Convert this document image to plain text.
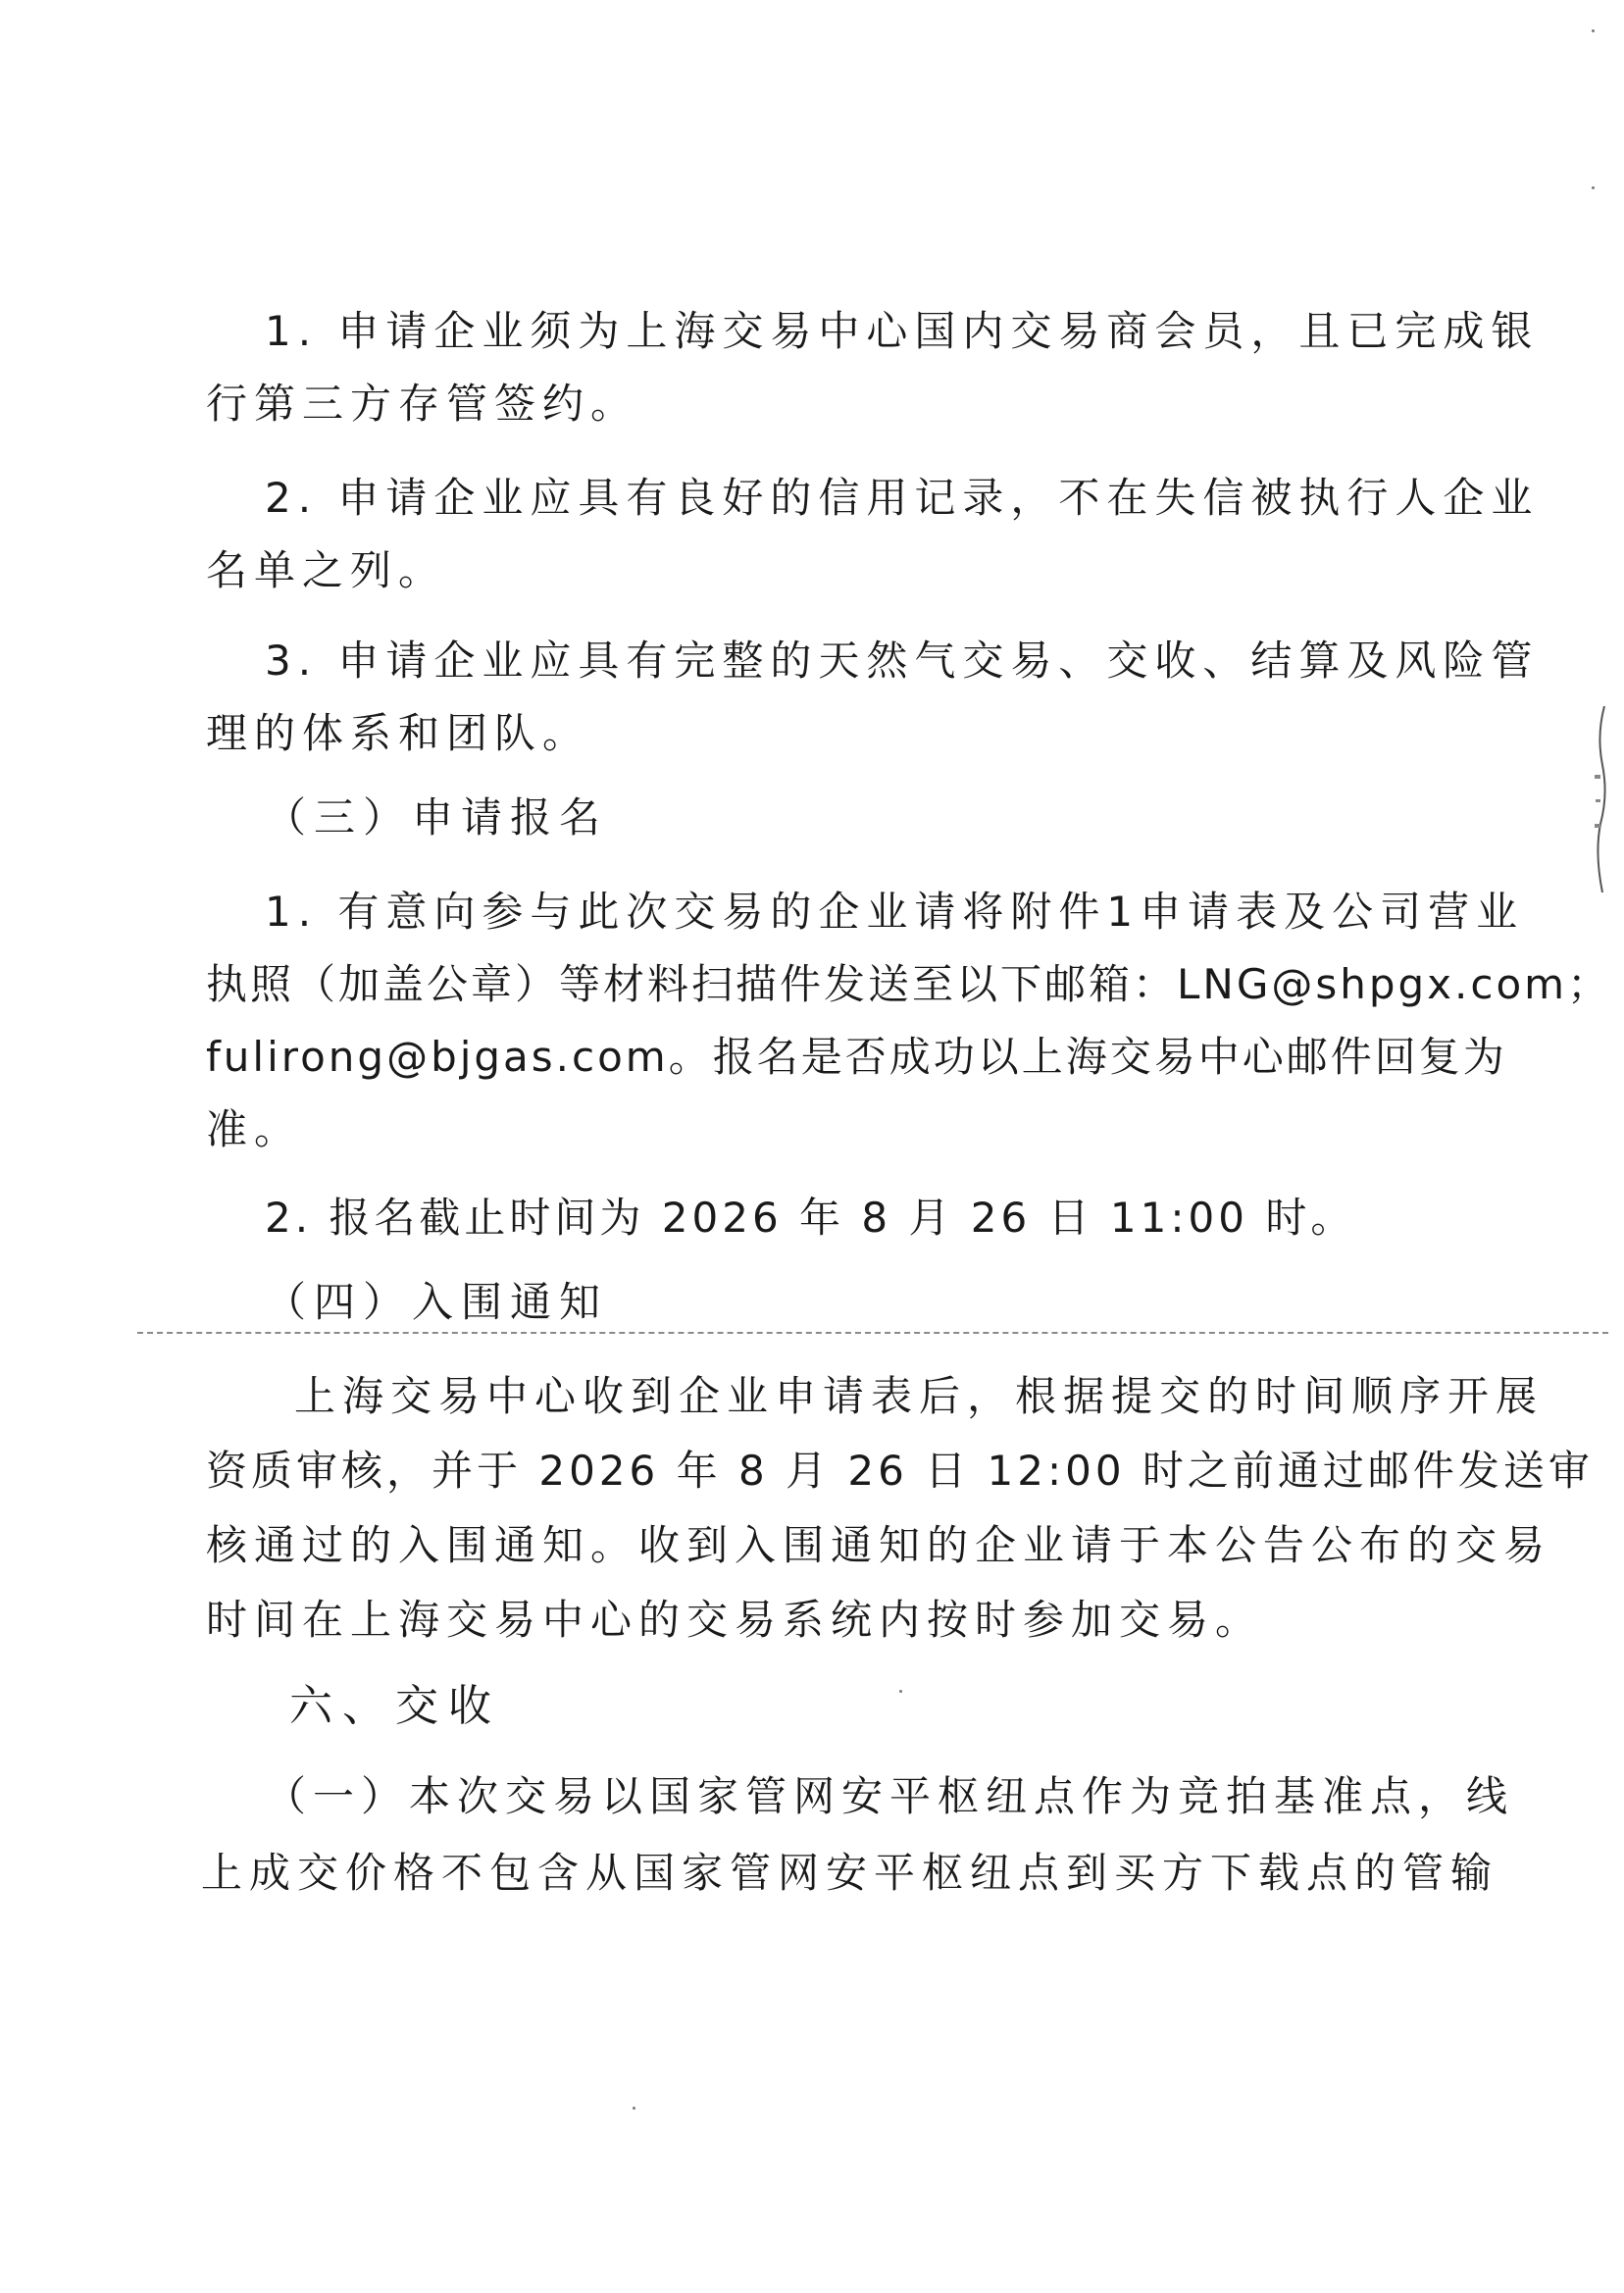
1. 申请企业须为上海交易中心国内交易商会员，且已完成银
行第三方存管签约。
2. 申请企业应具有良好的信用记录，不在失信被执行人企业
名单之列。
3. 申请企业应具有完整的天然气交易、交收、结算及风险管
理的体系和团队。
（三）申请报名
1. 有意向参与此次交易的企业请将附件1申请表及公司营业
执照（加盖公章）等材料扫描件发送至以下邮箱：LNG@shpgx.com；
fulirong@bjgas.com。报名是否成功以上海交易中心邮件回复为
准。
2. 报名截止时间为 2026 年 8 月 26 日 11:00 时。
（四）入围通知
上海交易中心收到企业申请表后，根据提交的时间顺序开展
资质审核，并于 2026 年 8 月 26 日 12:00 时之前通过邮件发送审
核通过的入围通知。收到入围通知的企业请于本公告公布的交易
时间在上海交易中心的交易系统内按时参加交易。
六、交收
（一）本次交易以国家管网安平枢纽点作为竞拍基准点，线
上成交价格不包含从国家管网安平枢纽点到买方下载点的管输
